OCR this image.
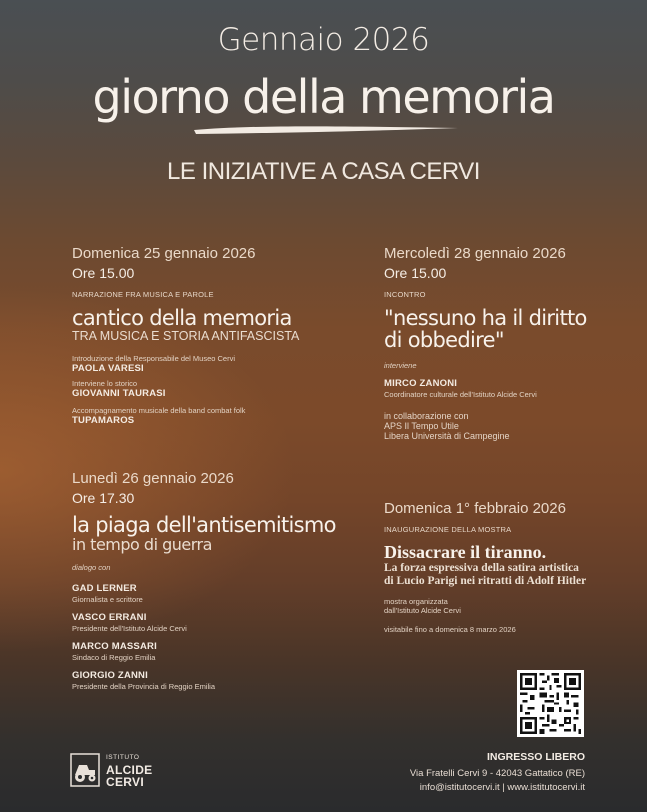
Gennaio 2026
giorno della memoria
LE INIZIATIVE A CASA CERVI
Domenica 25 gennaio 2026
Ore 15.00
NARRAZIONE FRA MUSICA E PAROLE
cantico della memoria
TRA MUSICA E STORIA ANTIFASCISTA
Introduzione della Responsabile del Museo Cervi
PAOLA VARESI
Interviene lo storico
GIOVANNI TAURASI
Accompagnamento musicale della band combat folk
TUPAMAROS
Lunedì 26 gennaio 2026
Ore 17.30
la piaga dell'antisemitismo
in tempo di guerra
dialogo con
GAD LERNER
Giornalista e scrittore
VASCO ERRANI
Presidente dell'Istituto Alcide Cervi
MARCO MASSARI
Sindaco di Reggio Emilia
GIORGIO ZANNI
Presidente della Provincia di Reggio Emilia
Mercoledì 28 gennaio 2026
Ore 15.00
INCONTRO
"nessuno ha il diritto
di obbedire"
interviene
MIRCO ZANONI
Coordinatore culturale dell'Istituto Alcide Cervi
in collaborazione con
APS Il Tempo Utile
Libera Università di Campegine
Domenica 1° febbraio 2026
INAUGURAZIONE DELLA MOSTRA
Dissacrare il tiranno.
La forza espressiva della satira artistica
di Lucio Parigi nei ritratti di Adolf Hitler
mostra organizzata
dall'Istituto Alcide Cervi
visitabile fino a domenica 8 marzo 2026
INGRESSO LIBERO
Via Fratelli Cervi 9 - 42043 Gattatico (RE)
info@istitutocervi.it | www.istitutocervi.it
ISTITUTO
ALCIDE
CERVI
